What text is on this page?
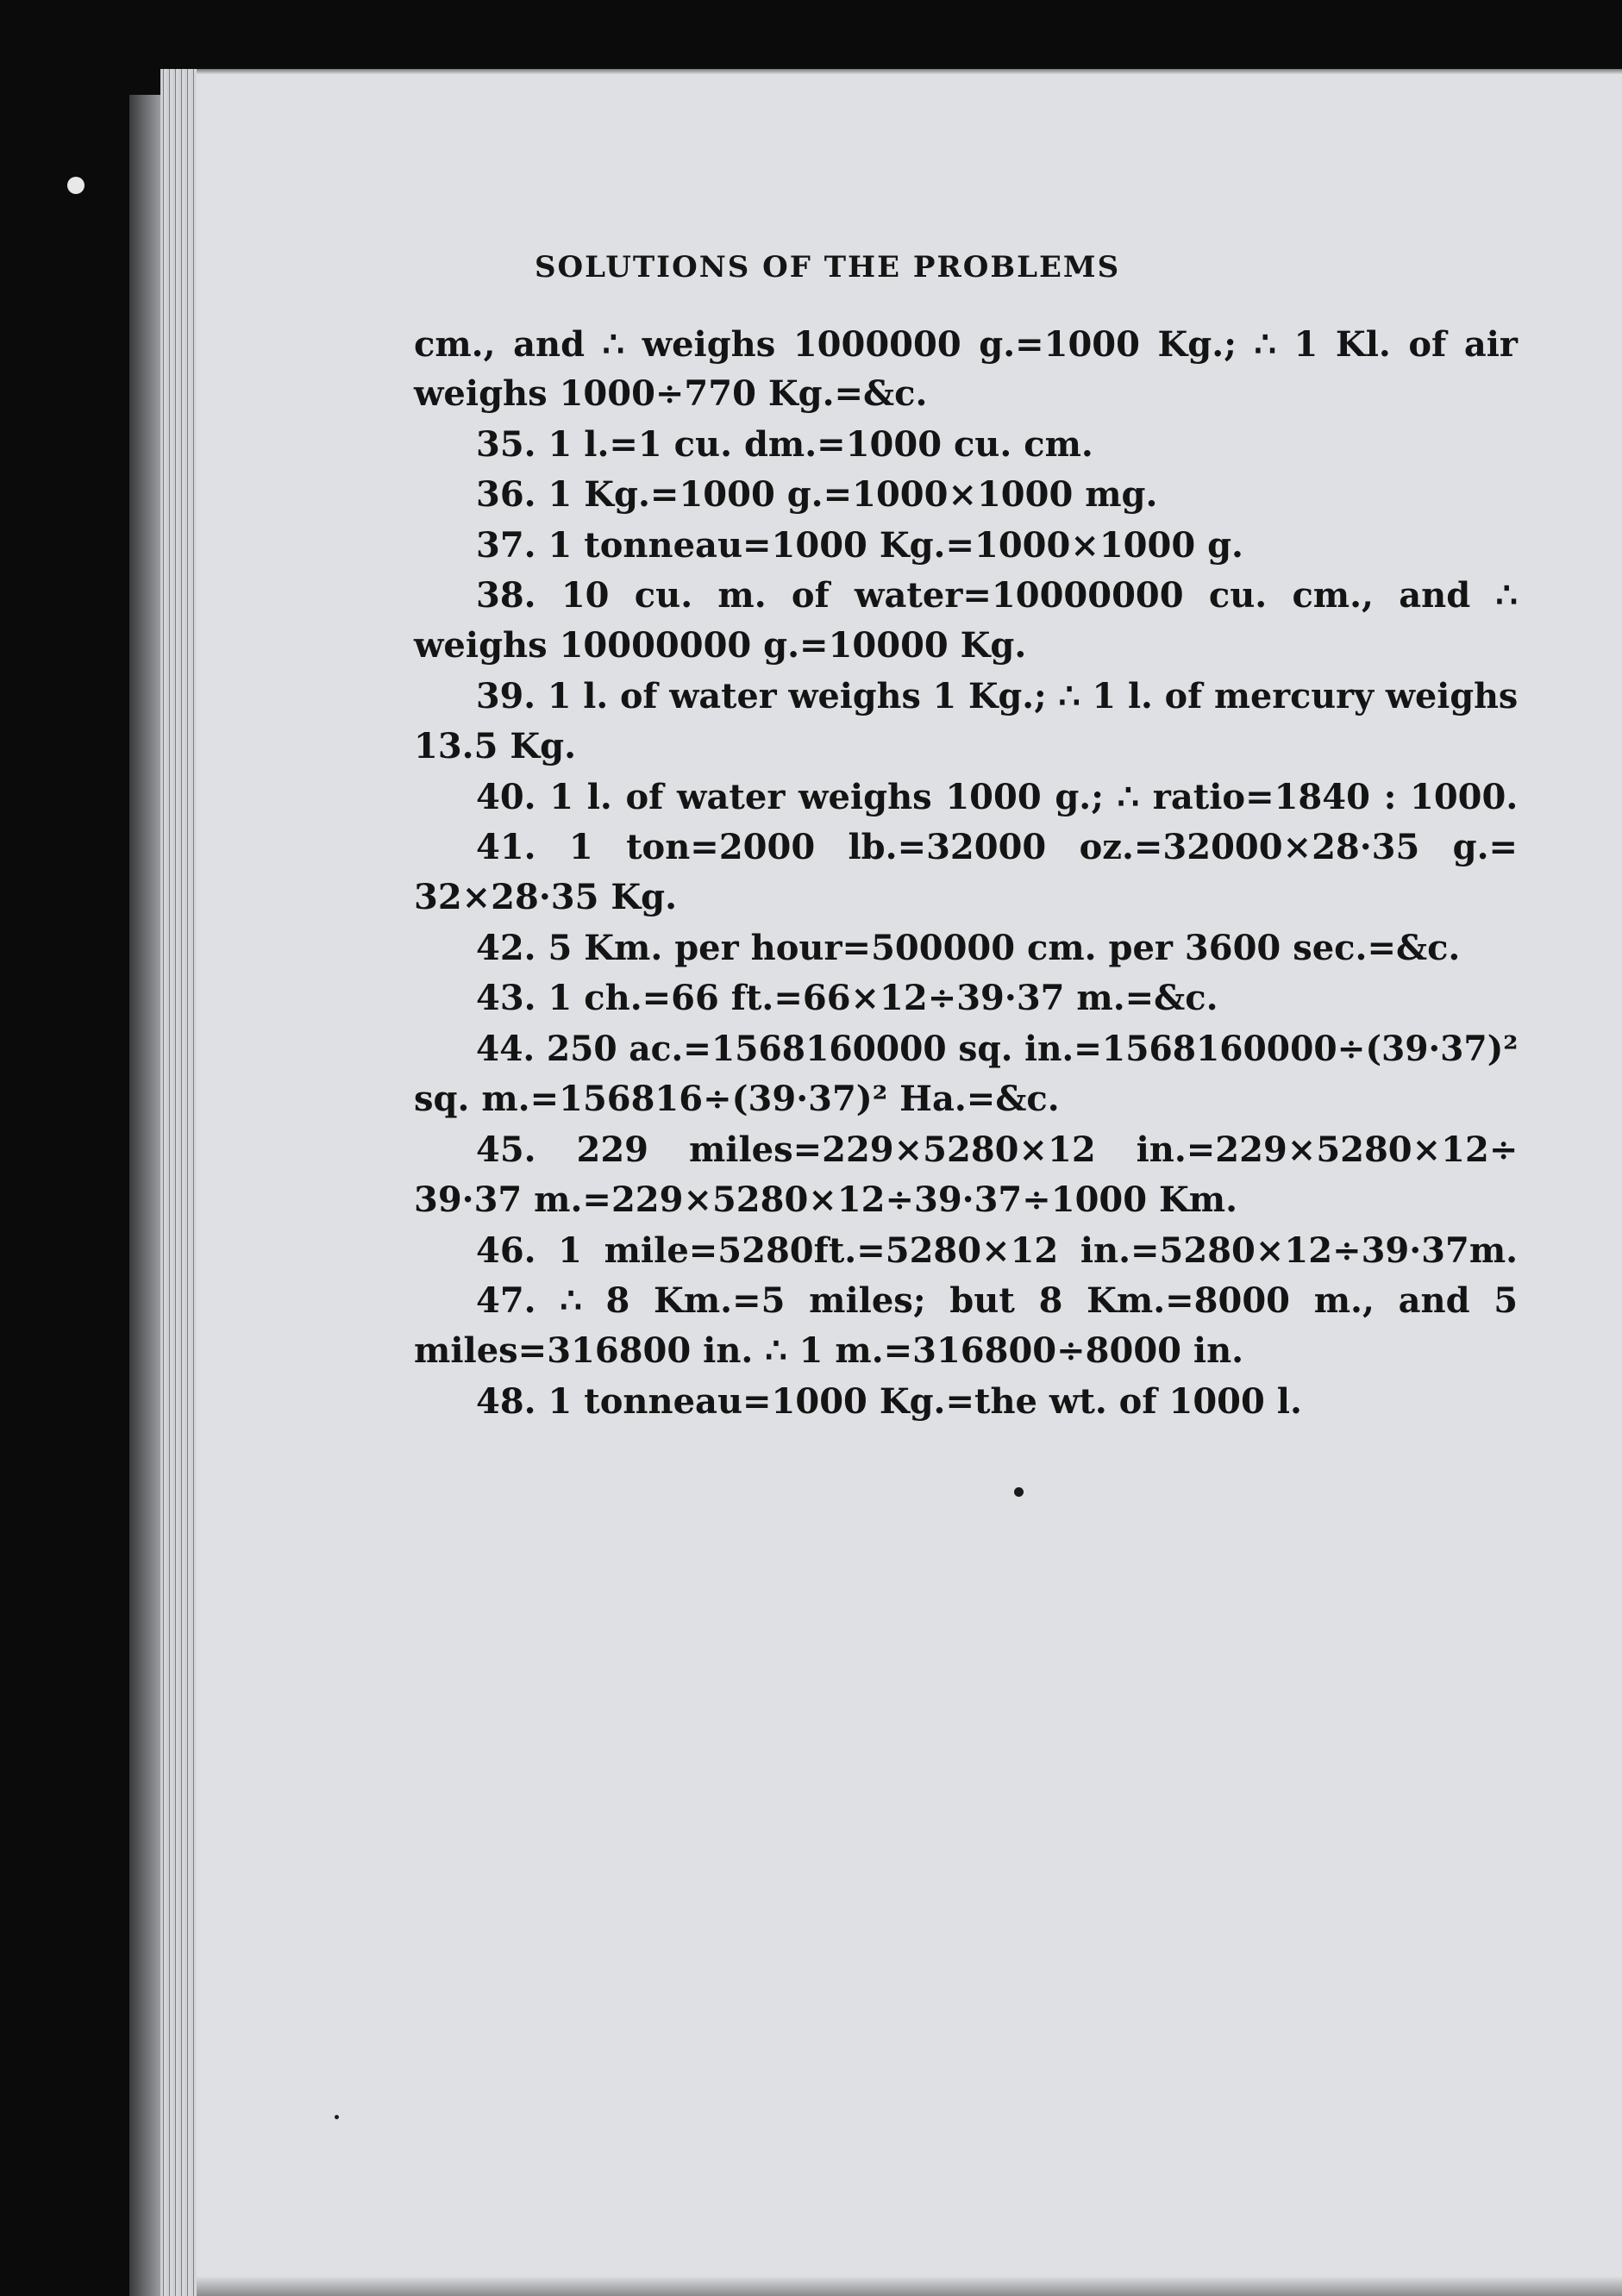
SOLUTIONS OF THE PROBLEMS
cm., and ∴ weighs 1000000 g.=1000 Kg.; ∴ 1 Kl. of air
weighs 1000÷770 Kg.=&c.
35. 1 l.=1 cu. dm.=1000 cu. cm.
36. 1 Kg.=1000 g.=1000×1000 mg.
37. 1 tonneau=1000 Kg.=1000×1000 g.
38. 10 cu. m. of water=10000000 cu. cm., and ∴
weighs 10000000 g.=10000 Kg.
39. 1 l. of water weighs 1 Kg.; ∴ 1 l. of mercury weighs
13.5 Kg.
40. 1 l. of water weighs 1000 g.; ∴ ratio=1840 : 1000.
41. 1 ton=2000 lb.=32000 oz.=32000×28·35 g.=
32×28·35 Kg.
42. 5 Km. per hour=500000 cm. per 3600 sec.=&c.
43. 1 ch.=66 ft.=66×12÷39·37 m.=&c.
44. 250 ac.=1568160000 sq. in.=1568160000÷(39·37)²
sq. m.=156816÷(39·37)² Ha.=&c.
45. 229 miles=229×5280×12 in.=229×5280×12÷
39·37 m.=229×5280×12÷39·37÷1000 Km.
46. 1 mile=5280ft.=5280×12 in.=5280×12÷39·37m.
47. ∴ 8 Km.=5 miles; but 8 Km.=8000 m., and 5
miles=316800 in. ∴ 1 m.=316800÷8000 in.
48. 1 tonneau=1000 Kg.=the wt. of 1000 l.
